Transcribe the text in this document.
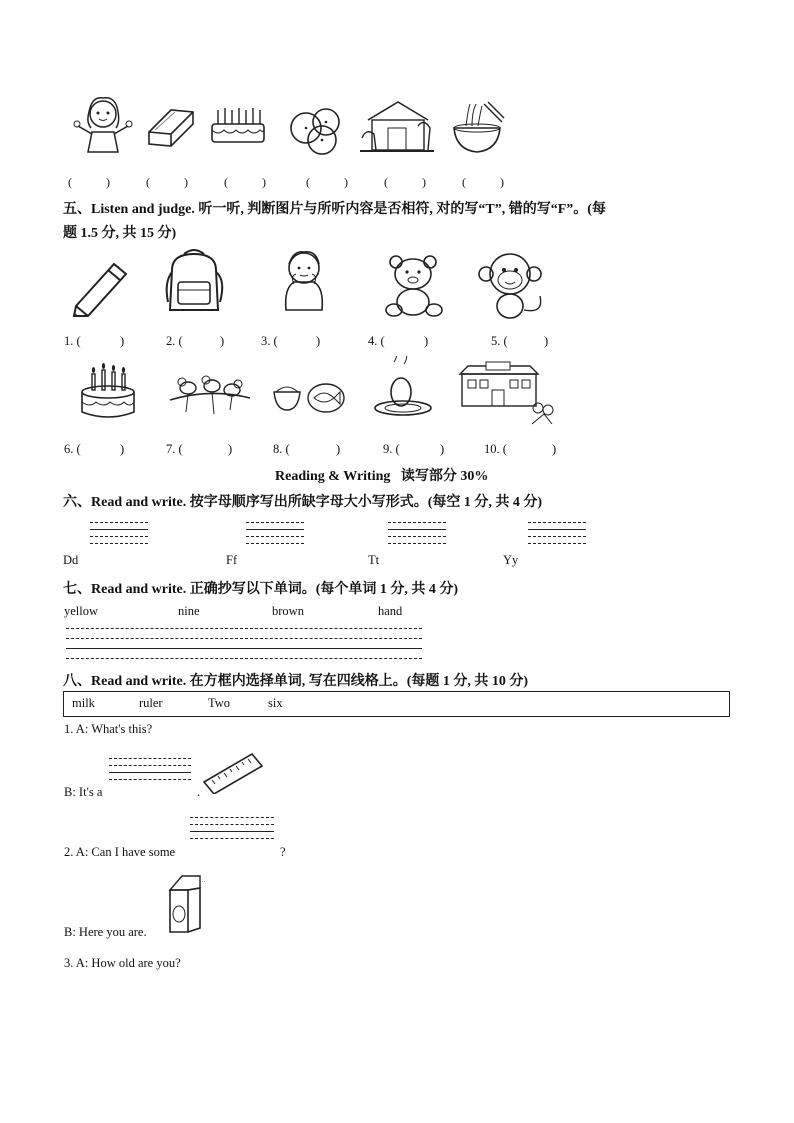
(	)	(	)	(	)	(	)	(	)	(	)
五、Listen and judge. 听一听, 判断图片与所听内容是否相符, 对的写“T”, 错的写“F”。(每
题 1.5 分, 共 15 分)
1. (	)	2. (	)	3. (	)	4. (	)	5. (	)
6. (	)	7. (	)	8. (	)	9. (	)	10. (	)
Reading & Writing   读写部分 30%
六、Read and write. 按字母顺序写出所缺字母大小写形式。(每空 1 分, 共 4 分)
Dd	Ff	Tt	Yy
七、Read and write. 正确抄写以下单词。(每个单词 1 分, 共 4 分)
yellow	nine	brown	hand
八、Read and write. 在方框内选择单词, 写在四线格上。(每题 1 分, 共 10 分)
milk	ruler	Two	six
1. A: What's this?
B: It's a	.
2. A: Can I have some	?
..
B: Here you are.
3. A: How old are you?
